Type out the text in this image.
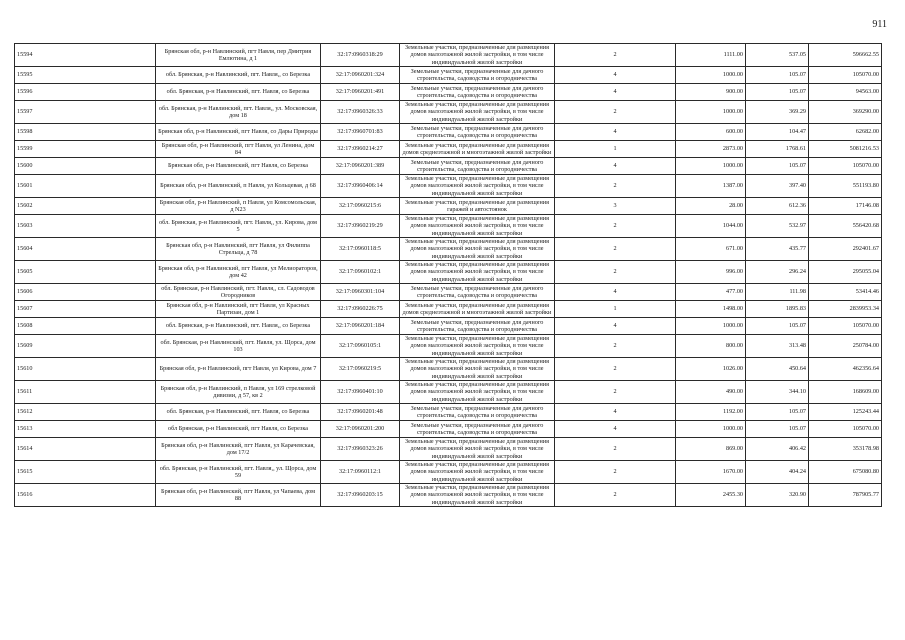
911
15594	Брянская обл, р-н Навлинский, пгт Навля, пер Дмитрия Емлютина, д 1	32:17:0960318:29	Земельные участки, предназначенные для размещения домов малоэтажной жилой застройки, в том числе индивидуальной жилой застройки	2	1111.00	537.05	596662.55
15595	обл. Брянская, р-н Навлинский, пгт. Навля,, со Березка	32:17:0960201:324	Земельные участки, предназначенные для дачного строительства, садоводства и огородничества	4	1000.00	105.07	105070.00
15596	обл. Брянская, р-н Навлинский, пгт. Навля, со Березка	32:17:0960201:491	Земельные участки, предназначенные для дачного строительства, садоводства и огородничества	4	900.00	105.07	94563.00
15597	обл. Брянская, р-н Навлинский, пгт. Навля,, ул. Московская, дом 18	32:17:0960326:33	Земельные участки, предназначенные для размещения домов малоэтажной жилой застройки, в том числе индивидуальной жилой застройки	2	1000.00	369.29	369290.00
15598	Брянская обл, р-н Навлинский, пгт Навля, со Дары Природы	32:17:0960701:83	Земельные участки, предназначенные для дачного строительства, садоводства и огородничества	4	600.00	104.47	62682.00
15599	Брянская обл, р-н Навлинский, пгт Навля, ул Ленина, дом 84	32:17:0960214:27	Земельные участки, предназначенные для размещения домов среднеэтажной и многоэтажной жилой застройки	1	2873.00	1768.61	5081216.53
15600	Брянская обл, р-н Навлинский, пгт Навля, со Березка	32:17:0960201:389	Земельные участки, предназначенные для дачного строительства, садоводства и огородничества	4	1000.00	105.07	105070.00
15601	Брянская обл, р-н Навлинский, п Навля, ул Кольцевая, д 68	32:17:0960406:14	Земельные участки, предназначенные для размещения домов малоэтажной жилой застройки, в том числе индивидуальной жилой застройки	2	1387.00	397.40	551193.80
15602	Брянская обл, р-н Навлинский, п Навля, ул Комсомольская, д N23	32:17:0960215:6	Земельные участки, предназначенные для размещения гаражей и автостоянок	3	28.00	612.36	17146.08
15603	обл. Брянская, р-н Навлинский, пгт. Навля,, ул. Кирова, дом 5	32:17:0960219:29	Земельные участки, предназначенные для размещения домов малоэтажной жилой застройки, в том числе индивидуальной жилой застройки	2	1044.00	532.97	556420.68
15604	Брянская обл, р-н Навлинский, пгт Навля, ул Филиппа Стрельца, д 78	32:17:0960118:5	Земельные участки, предназначенные для размещения домов малоэтажной жилой застройки, в том числе индивидуальной жилой застройки	2	671.00	435.77	292401.67
15605	Брянская обл, р-н Навлинский, пгт Навля, ул Мелиораторов, дом 42	32:17:0960102:1	Земельные участки, предназначенные для размещения домов малоэтажной жилой застройки, в том числе индивидуальной жилой застройки	2	996.00	296.24	295055.04
15606	обл. Брянская, р-н Навлинский, пгт. Навля,, сл. Садоводов Огородников	32:17:0960301:104	Земельные участки, предназначенные для дачного строительства, садоводства и огородничества	4	477.00	111.98	53414.46
15607	Брянская обл, р-н Навлинский, пгт Навля, ул Красных Партизан, дом 1	32:17:0960226:75	Земельные участки, предназначенные для размещения домов среднеэтажной и многоэтажной жилой застройки	1	1498.00	1895.83	2839953.34
15608	обл. Брянская, р-н Навлинский, пгт. Навля,, со Березка	32:17:0960201:184	Земельные участки, предназначенные для дачного строительства, садоводства и огородничества	4	1000.00	105.07	105070.00
15609	обл. Брянская, р-н Навлинский, пгт. Навля, ул. Щорса, дом 103	32:17:0960105:1	Земельные участки, предназначенные для размещения домов малоэтажной жилой застройки, в том числе индивидуальной жилой застройки	2	800.00	313.48	250784.00
15610	Брянская обл, р-н Навлинский, пгт Навля, ул Кирова, дом 7	32:17:0960219:5	Земельные участки, предназначенные для размещения домов малоэтажной жилой застройки, в том числе индивидуальной жилой застройки	2	1026.00	450.64	462356.64
15611	Брянская обл, р-н Навлинский, п Навля, ул 169 стрелковой дивизии, д 57, кв 2	32:17:0960401:10	Земельные участки, предназначенные для размещения домов малоэтажной жилой застройки, в том числе индивидуальной жилой застройки	2	490.00	344.10	168609.00
15612	обл. Брянская, р-н Навлинский, пгт. Навля, со Березка	32:17:0960201:48	Земельные участки, предназначенные для дачного строительства, садоводства и огородничества	4	1192.00	105.07	125243.44
15613	обл Брянская, р-н Навлинский, пгт Навля, со Березка	32:17:0960201:200	Земельные участки, предназначенные для дачного строительства, садоводства и огородничества	4	1000.00	105.07	105070.00
15614	Брянская обл, р-н Навлинский, пгт Навля, ул Карачевская, дом 17/2	32:17:0960323:26	Земельные участки, предназначенные для размещения домов малоэтажной жилой застройки, в том числе индивидуальной жилой застройки	2	869.00	406.42	353178.98
15615	обл. Брянская, р-н Навлинский, пгт. Навля,, ул. Щорса, дом 59	32:17:0960112:1	Земельные участки, предназначенные для размещения домов малоэтажной жилой застройки, в том числе индивидуальной жилой застройки	2	1670.00	404.24	675080.80
15616	Брянская обл, р-н Навлинский, пгт Навля, ул Чапаева, дом 88	32:17:0960203:15	Земельные участки, предназначенные для размещения домов малоэтажной жилой застройки, в том числе индивидуальной жилой застройки	2	2455.30	320.90	787905.77
